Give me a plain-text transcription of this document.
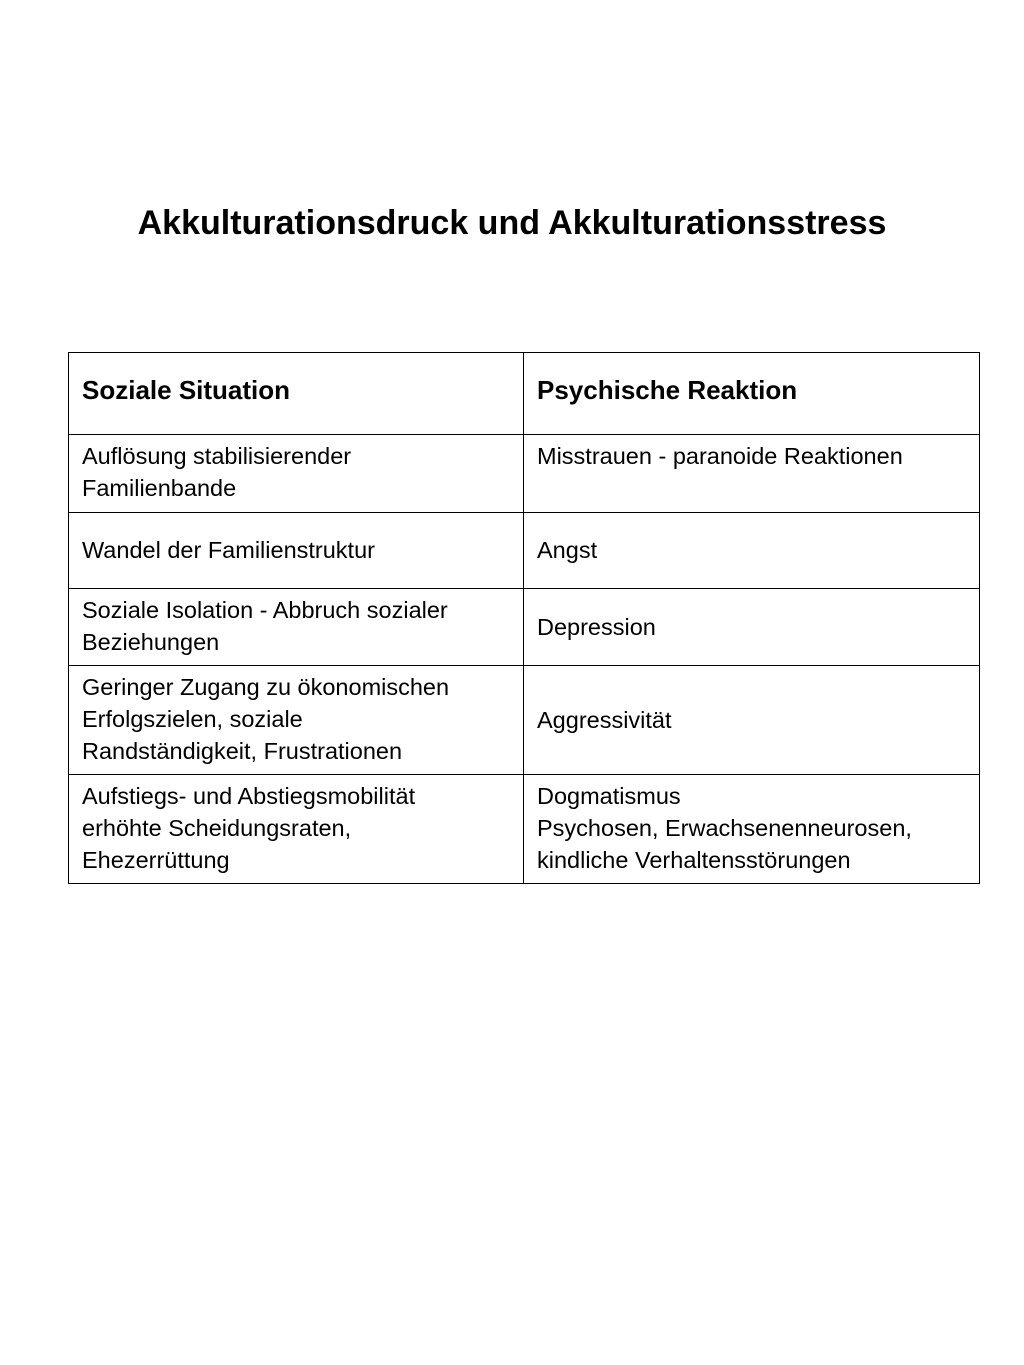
Akkulturationsdruck und Akkulturationsstress
Soziale Situation	Psychische Reaktion

Auflösung stabilisierender
Familienbande	Misstrauen - paranoide Reaktionen

Wandel der Familienstruktur	Angst

Soziale Isolation - Abbruch sozialer
Beziehungen	Depression

Geringer Zugang zu ökonomischen
Erfolgszielen, soziale
Randständigkeit, Frustrationen	Aggressivität

Aufstiegs- und Abstiegsmobilität
erhöhte Scheidungsraten,
Ehezerrüttung	Dogmatismus
Psychosen, Erwachsenenneurosen,
kindliche Verhaltensstörungen
